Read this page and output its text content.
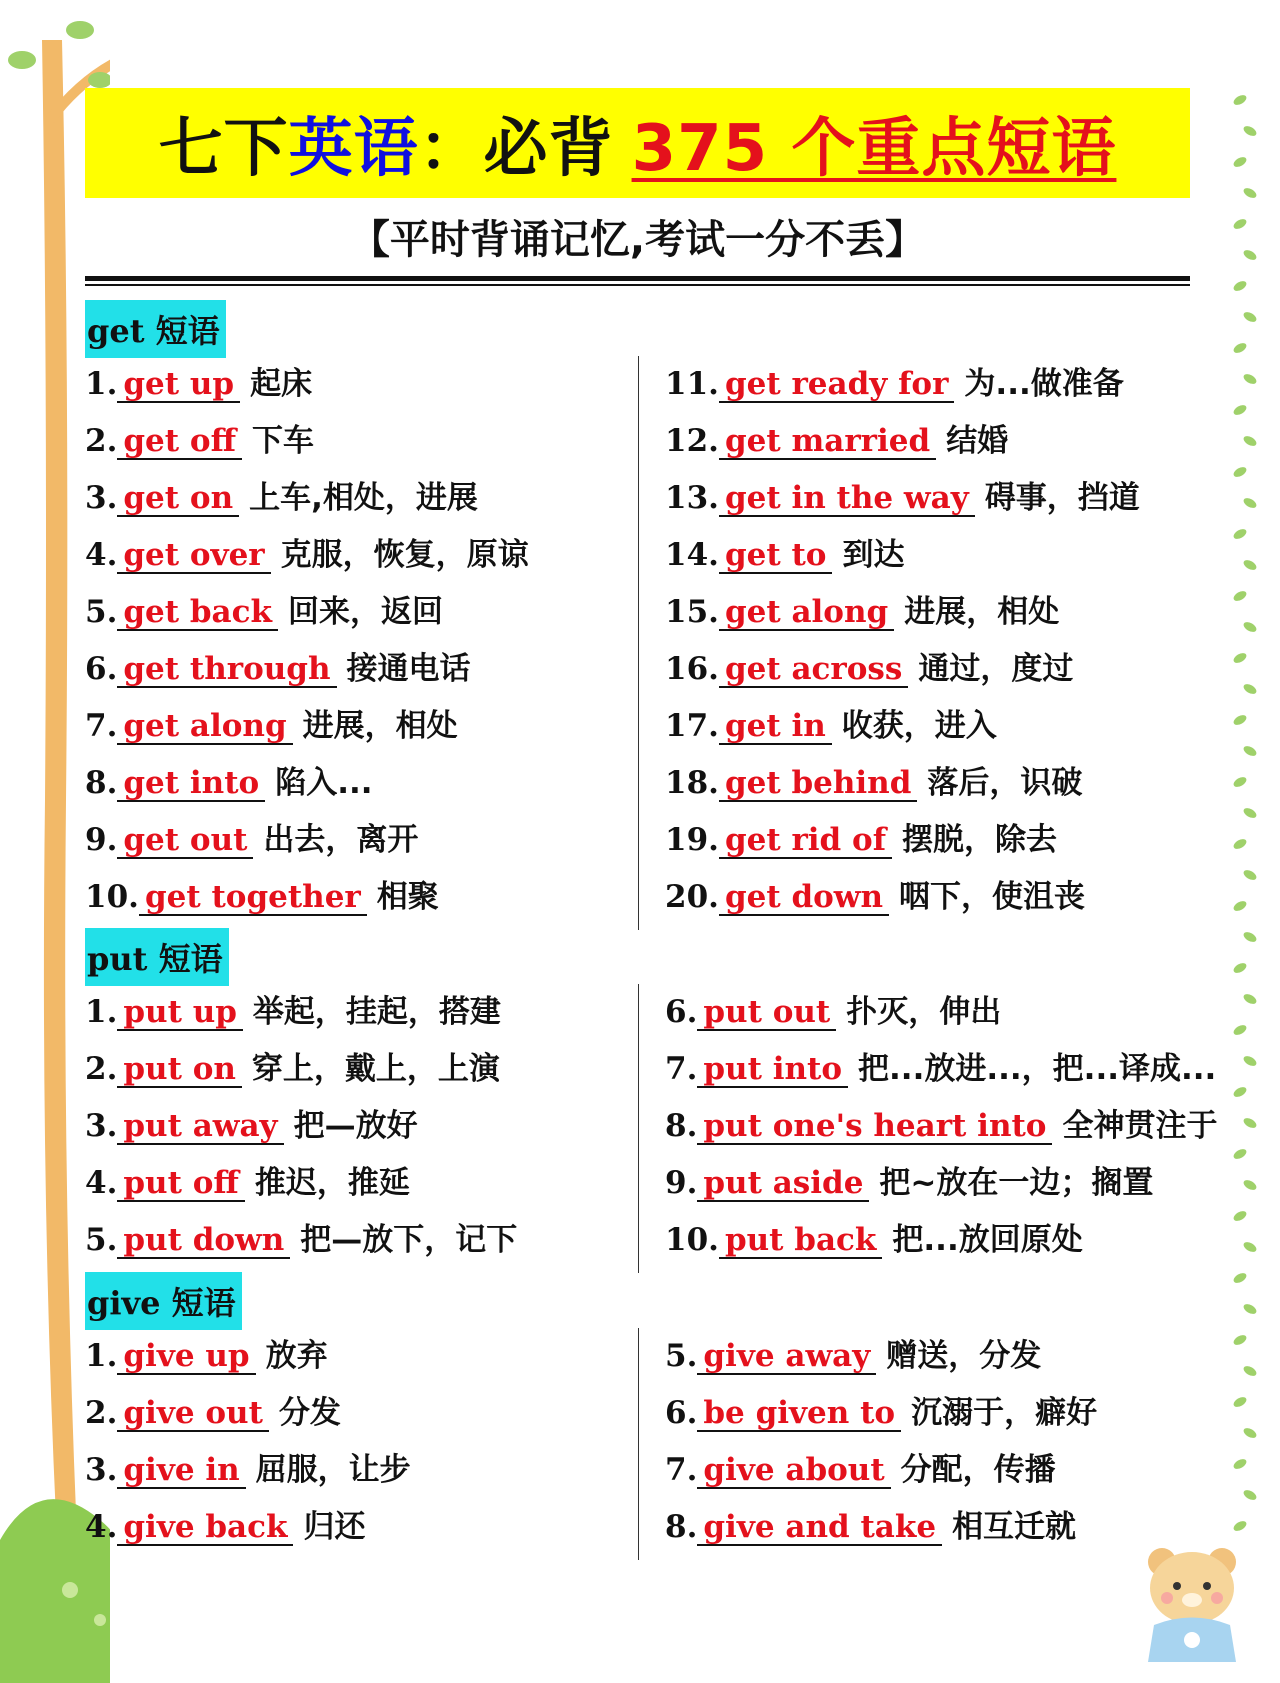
七下 英语 ：必背 375 个重点短语
【平时背诵记忆,考试一分不丢】
get 短语
1. get up 起床
2. get off 下车
3. get on 上车,相处，进展
4. get over 克服，恢复，原谅
5. get back 回来，返回
6. get through 接通电话
7. get along 进展，相处
8. get into 陷入...
9. get out 出去，离开
10. get together 相聚
11. get ready for 为...做准备
12. get married 结婚
13. get in the way 碍事，挡道
14. get to 到达
15. get along 进展，相处
16. get across 通过，度过
17. get in 收获，进入
18. get behind 落后，识破
19. get rid of 摆脱，除去
20. get down 咽下，使沮丧
put 短语
1. put up 举起，挂起，搭建
2. put on 穿上，戴上，上演
3. put away 把—放好
4. put off 推迟，推延
5. put down 把—放下，记下
6. put out 扑灭，伸出
7. put into 把...放进...，把...译成...
8. put one's heart into 全神贯注于
9. put aside 把~放在一边；搁置
10. put back 把...放回原处
give 短语
1. give up 放弃
2. give out 分发
3. give in 屈服，让步
4. give back 归还
5. give away 赠送，分发
6. be given to 沉溺于，癖好
7. give about 分配，传播
8. give and take 相互迁就
